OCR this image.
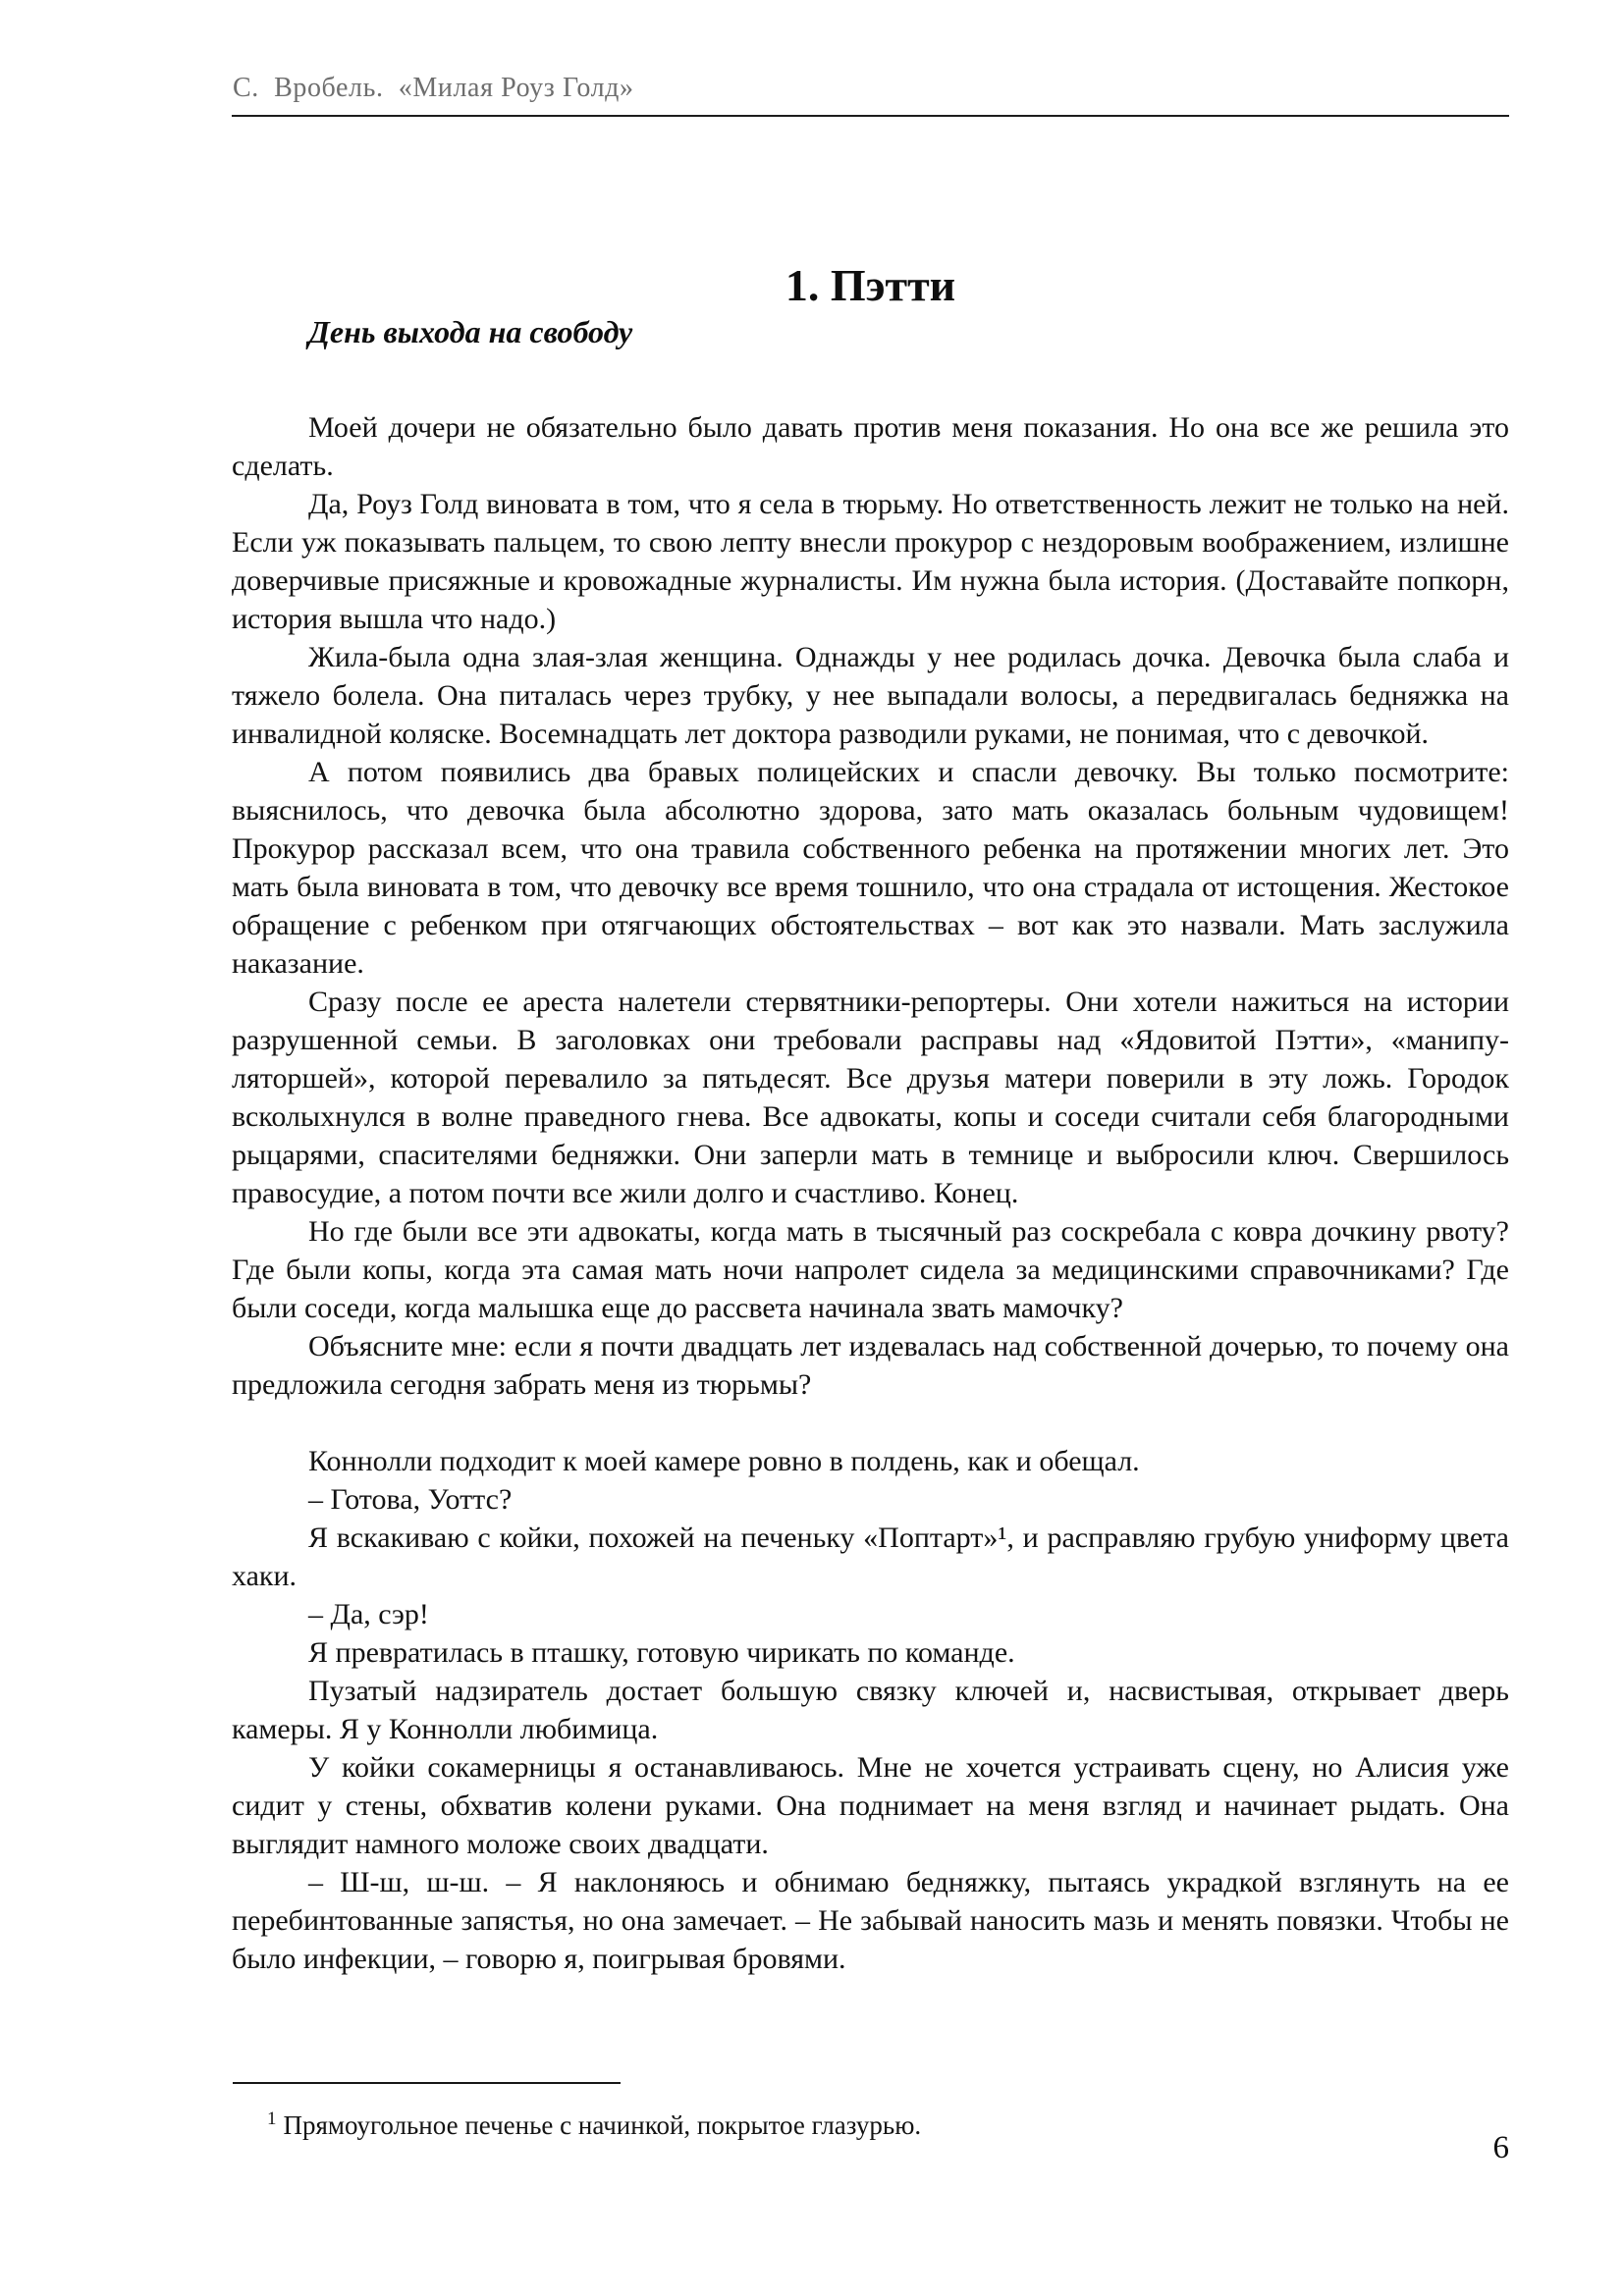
С.  Вробель.  «Милая Роуз Голд»
1. Пэтти
День выхода на свободу

Моей дочери не обязательно было давать против меня показания. Но она все же решила это сделать.

Да, Роуз Голд виновата в том, что я села в тюрьму. Но ответственность лежит не только на ней. Если уж показывать пальцем, то свою лепту внесли прокурор с нездоровым воображением, излишне доверчивые присяжные и кровожадные журналисты. Им нужна была история. (Доставайте попкорн, история вышла что надо.)

Жила-была одна злая-злая женщина. Однажды у нее родилась дочка. Девочка была слаба и тяжело болела. Она питалась через трубку, у нее выпадали волосы, а передвигалась бедняжка на инвалидной коляске. Восемнадцать лет доктора разводили руками, не понимая, что с девочкой.

А потом появились два бравых полицейских и спасли девочку. Вы только посмотрите: выяснилось, что девочка была абсолютно здорова, зато мать оказалась больным чудовищем! Прокурор рассказал всем, что она травила собственного ребенка на протяжении многих лет. Это мать была виновата в том, что девочку все время тошнило, что она страдала от истощения. Жестокое обращение с ребенком при отягчающих обстоятельствах – вот как это назвали. Мать заслужила наказание.

Сразу после ее ареста налетели стервятники-репортеры. Они хотели нажиться на истории разрушенной семьи. В заголовках они требовали расправы над «Ядовитой Пэтти», «манипуляторшей», которой перевалило за пятьдесят. Все друзья матери поверили в эту ложь. Городок всколыхнулся в волне праведного гнева. Все адвокаты, копы и соседи считали себя благородными рыцарями, спасителями бедняжки. Они заперли мать в темнице и выбросили ключ. Свершилось правосудие, а потом почти все жили долго и счастливо. Конец.

Но где были все эти адвокаты, когда мать в тысячный раз соскребала с ковра дочкину рвоту? Где были копы, когда эта самая мать ночи напролет сидела за медицинскими справочниками? Где были соседи, когда малышка еще до рассвета начинала звать мамочку?

Объясните мне: если я почти двадцать лет издевалась над собственной дочерью, то почему она предложила сегодня забрать меня из тюрьмы?

Коннолли подходит к моей камере ровно в полдень, как и обещал.

– Готова, Уоттс?

Я вскакиваю с койки, похожей на печеньку «Поптарт»¹, и расправляю грубую униформу цвета хаки.

– Да, сэр!

Я превратилась в пташку, готовую чирикать по команде.

Пузатый надзиратель достает большую связку ключей и, насвистывая, открывает дверь камеры. Я у Коннолли любимица.

У койки сокамерницы я останавливаюсь. Мне не хочется устраивать сцену, но Алисия уже сидит у стены, обхватив колени руками. Она поднимает на меня взгляд и начинает рыдать. Она выглядит намного моложе своих двадцати.

– Ш-ш, ш-ш. – Я наклоняюсь и обнимаю бедняжку, пытаясь украдкой взглянуть на ее перебинтованные запястья, но она замечает. – Не забывай наносить мазь и менять повязки. Чтобы не было инфекции, – говорю я, поигрывая бровями.

$^1$ Прямоугольное печенье с начинкой, покрытое глазурью.
6
